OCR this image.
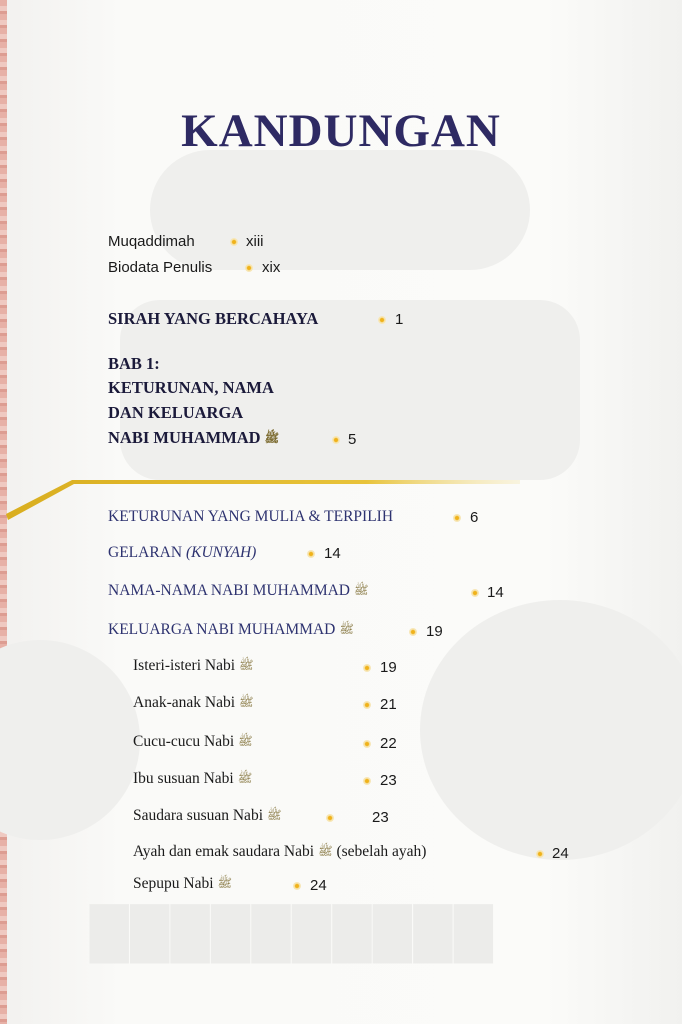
██████████
KANDUNGAN
Muqaddimah	xiii
Biodata Penulis	xix
SIRAH YANG BERCAHAYA	1
BAB 1:
KETURUNAN, NAMA
DAN KELUARGA
NABI MUHAMMAD ﷺ	5
KETURUNAN YANG MULIA & TERPILIH	6
GELARAN (KUNYAH)	14
NAMA-NAMA NABI MUHAMMAD ﷺ	14
KELUARGA NABI MUHAMMAD ﷺ	19
Isteri-isteri Nabi ﷺ	19
Anak-anak Nabi ﷺ	21
Cucu-cucu Nabi ﷺ	22
Ibu susuan Nabi ﷺ	23
Saudara susuan Nabi ﷺ	23
Ayah dan emak saudara Nabi ﷺ (sebelah ayah)	24
Sepupu Nabi ﷺ	24
